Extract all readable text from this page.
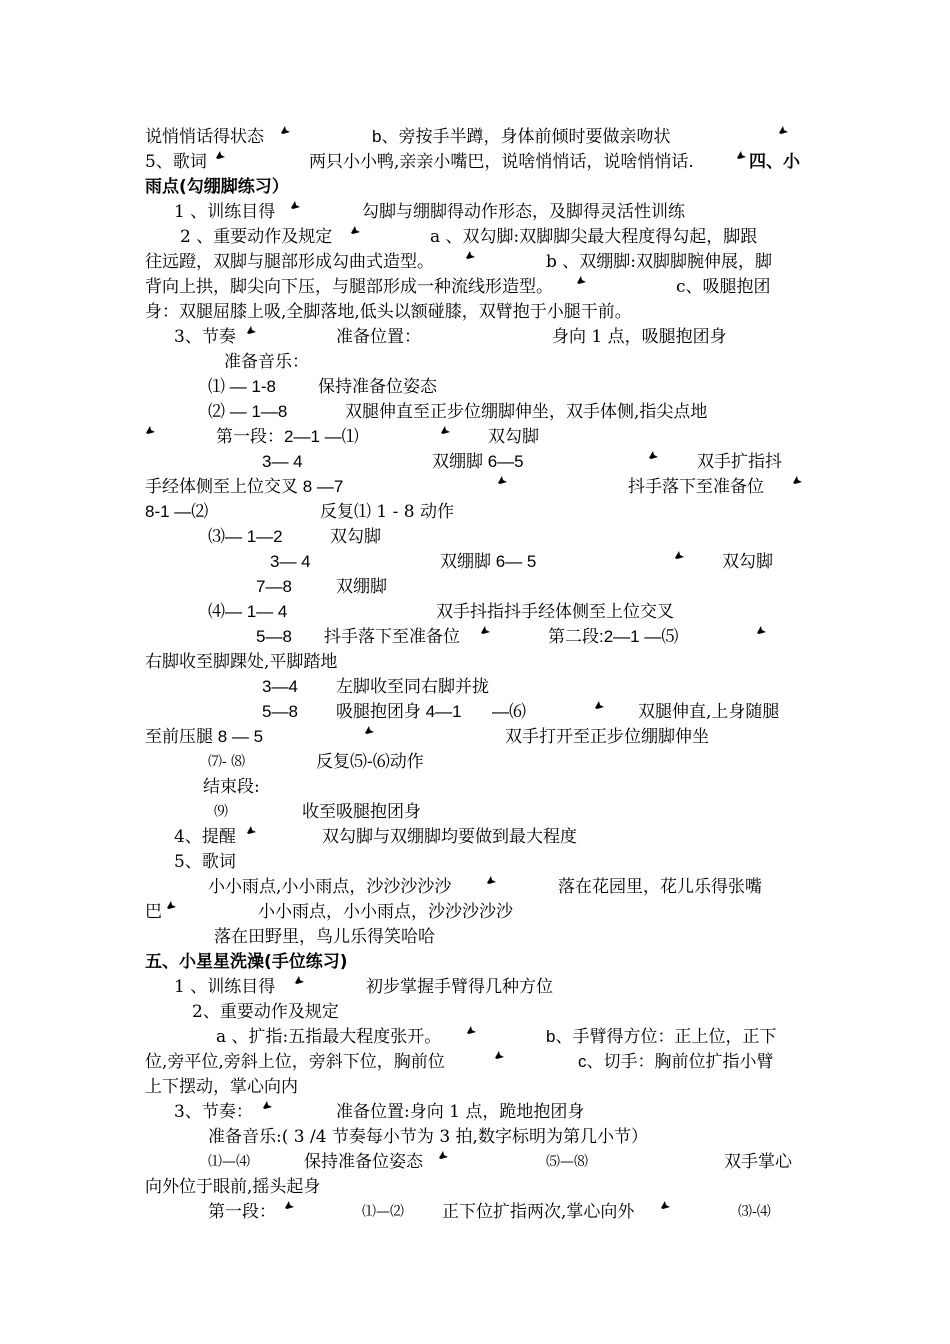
说悄悄话得状态	b、旁按手半蹲，身体前倾时要做亲吻状
5、歌词	两只小小鸭,亲亲小嘴巴，说啥悄悄话，说啥悄悄话.	四、小
雨点(勾绷脚练习）
1 、训练目得	勾脚与绷脚得动作形态，及脚得灵活性训练
2 、重要动作及规定	a 、双勾脚:双脚脚尖最大程度得勾起，脚跟
往远蹬，双脚与腿部形成勾曲式造型。	b 、双绷脚:双脚脚腕伸展，脚
背向上拱，脚尖向下压，与腿部形成一种流线形造型。	c、吸腿抱团
身：双腿屈膝上吸,全脚落地,低头以额碰膝，双臂抱于小腿干前。
3、节奏	准备位置：	身向 1 点，吸腿抱团身
准备音乐：
⑴ — 1-8 保持准备位姿态
⑵ — 1—8	双腿伸直至正步位绷脚伸坐，双手体侧,指尖点地
第一段：2—1 —⑴	双勾脚
3— 4	双绷脚 6—5	双手扩指抖
手经体侧至上位交叉 8 —7	抖手落下至准备位
8-1 —⑵	反复⑴ 1 - 8 动作
⑶— 1—2	双勾脚
3— 4	双绷脚 6— 5	双勾脚
7—8	双绷脚
⑷— 1— 4	双手抖指抖手经体侧至上位交叉
5—8 抖手落下至准备位	第二段:2—1 —⑸
右脚收至脚踝处,平脚踏地
3—4 左脚收至同右脚并拢
5—8 吸腿抱团身 4—1 —⑹	双腿伸直,上身随腿
至前压腿 8 — 5	双手打开至正步位绷脚伸坐
⑺- ⑻	反复⑸-⑹动作
结束段:
⑼	收至吸腿抱团身
4、提醒	双勾脚与双绷脚均要做到最大程度
5、歌词
小小雨点,小小雨点，沙沙沙沙沙	落在花园里，花儿乐得张嘴
巴	小小雨点，小小雨点，沙沙沙沙沙
落在田野里，鸟儿乐得笑哈哈
五、小星星洗澡(手位练习)
1 、训练目得	初步掌握手臂得几种方位
2、重要动作及规定
a 、扩指:五指最大程度张开。	b、手臂得方位：正上位，正下
位,旁平位,旁斜上位，旁斜下位，胸前位	c、切手：胸前位扩指小臂
上下摆动，掌心向内
3、节奏：	准备位置:身向 1 点，跪地抱团身
准备音乐:( 3 /4 节奏每小节为 3 拍,数字标明为第几小节）
⑴—⑷	保持准备位姿态	⑸—⑻	双手掌心
向外位于眼前,摇头起身
第一段：	⑴—⑵ 正下位扩指两次,掌心向外	⑶-⑷
